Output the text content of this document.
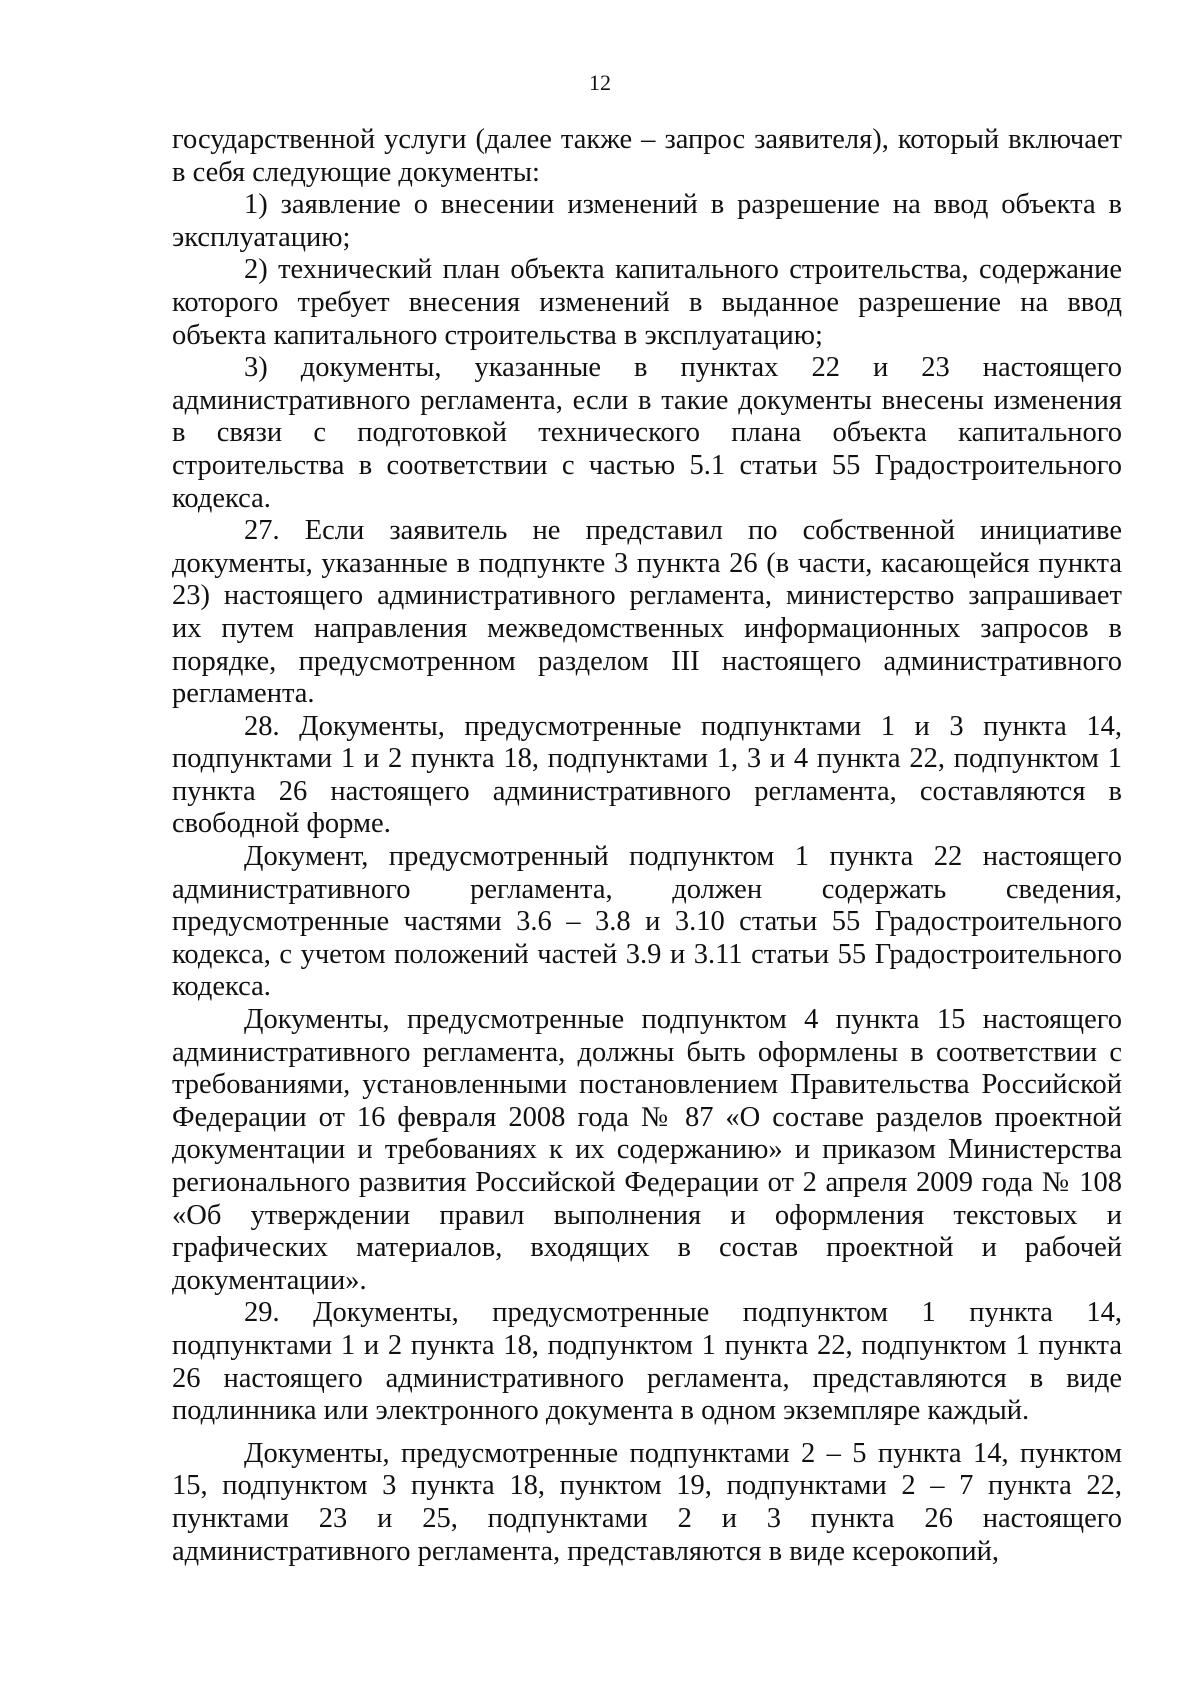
12

государственной услуги (далее также – запрос заявителя), который включает в себя следующие документы:

1) заявление о внесении изменений в разрешение на ввод объекта в эксплуатацию;

2) технический план объекта капитального строительства, содержание которого требует внесения изменений в выданное разрешение на ввод объекта капитального строительства в эксплуатацию;

3) документы, указанные в пунктах 22 и 23 настоящего административного регламента, если в такие документы внесены изменения в связи с подготовкой технического плана объекта капитального строительства в соответствии с частью 5.1 статьи 55 Градостроительного кодекса.

27. Если заявитель не представил по собственной инициативе документы, указанные в подпункте 3 пункта 26 (в части, касающейся пункта 23) настоящего административного регламента, министерство запрашивает их путем направления межведомственных информационных запросов в порядке, предусмотренном разделом III настоящего административного регламента.

28. Документы, предусмотренные подпунктами 1 и 3 пункта 14, подпунктами 1 и 2 пункта 18, подпунктами 1, 3 и 4 пункта 22, подпунктом 1 пункта 26 настоящего административного регламента, составляются в свободной форме.

Документ, предусмотренный подпунктом 1 пункта 22 настоящего административного регламента, должен содержать сведения, предусмотренные частями 3.6 – 3.8 и 3.10 статьи 55 Градостроительного кодекса, с учетом положений частей 3.9 и 3.11 статьи 55 Градостроительного кодекса.

Документы, предусмотренные подпунктом 4 пункта 15 настоящего административного регламента, должны быть оформлены в соответствии с требованиями, установленными постановлением Правительства Российской Федерации от 16 февраля 2008 года № 87 «О составе разделов проектной документации и требованиях к их содержанию» и приказом Министерства регионального развития Российской Федерации от 2 апреля 2009 года № 108 «Об утверждении правил выполнения и оформления текстовых и графических материалов, входящих в состав проектной и рабочей документации».

29. Документы, предусмотренные подпунктом 1 пункта 14, подпунктами 1 и 2 пункта 18, подпунктом 1 пункта 22, подпунктом 1 пункта 26 настоящего административного регламента, представляются в виде подлинника или электронного документа в одном экземпляре каждый.

Документы, предусмотренные подпунктами 2 – 5 пункта 14, пунктом 15, подпунктом 3 пункта 18, пунктом 19, подпунктами 2 – 7 пункта 22, пунктами 23 и 25, подпунктами 2 и 3 пункта 26 настоящего административного регламента, представляются в виде ксерокопий,
